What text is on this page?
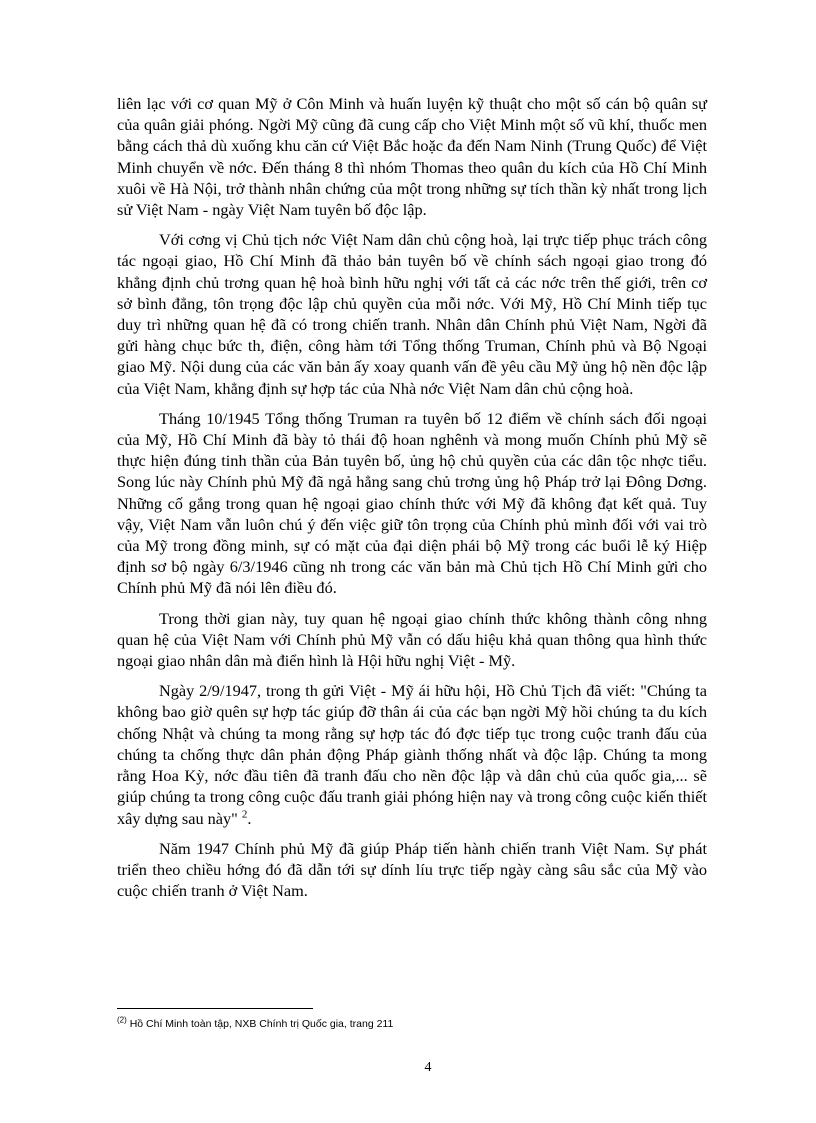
liên lạc với cơ quan Mỹ ở Côn Minh và huấn luyện kỹ thuật cho một số cán bộ quân sự của quân giải phóng. Ngời Mỹ cũng đã cung cấp cho Việt Minh một số vũ khí, thuốc men bằng cách thả dù xuống khu căn cứ Việt Bắc hoặc đa đến Nam Ninh (Trung Quốc) để Việt Minh chuyển về nớc. Đến tháng 8 thì nhóm Thomas theo quân du kích của Hồ Chí Minh xuôi về Hà Nội, trở thành nhân chứng của một trong những sự tích thần kỳ nhất trong lịch sử Việt Nam - ngày Việt Nam tuyên bố độc lập.

Với cơng vị Chủ tịch nớc Việt Nam dân chủ cộng hoà, lại trực tiếp phục trách công tác ngoại giao, Hồ Chí Minh đã thảo bản tuyên bố về chính sách ngoại giao trong đó khẳng định chủ trơng quan hệ hoà bình hữu nghị với tất cả các nớc trên thế giới, trên cơ sở bình đẳng, tôn trọng độc lập chủ quyền của mỗi nớc. Với Mỹ, Hồ Chí Minh tiếp tục duy trì những quan hệ đã có trong chiến tranh. Nhân dân Chính phủ Việt Nam, Ngời đã gửi hàng chục bức th, điện, công hàm tới Tổng thống Truman, Chính phủ và Bộ Ngoại giao Mỹ. Nội dung của các văn bản ấy xoay quanh vấn đề yêu cầu Mỹ ủng hộ nền độc lập của Việt Nam, khẳng định sự hợp tác của Nhà nớc Việt Nam dân chủ cộng hoà.

Tháng 10/1945 Tổng thống Truman ra tuyên bố 12 điểm về chính sách đối ngoại của Mỹ, Hồ Chí Minh đã bày tỏ thái độ hoan nghênh và mong muốn Chính phủ Mỹ sẽ thực hiện đúng tinh thần của Bản tuyên bố, ủng hộ chủ quyền của các dân tộc nhợc tiểu. Song lúc này Chính phủ Mỹ đã ngả hẳng sang chủ trơng ủng hộ Pháp trở lại Đông Dơng. Những cố gắng trong quan hệ ngoại giao chính thức với Mỹ đã không đạt kết quả. Tuy vậy, Việt Nam vẫn luôn chú ý đến việc giữ tôn trọng của Chính phủ mình đối với vai trò của Mỹ trong đồng minh, sự có mặt của đại diện phái bộ Mỹ trong các buổi lễ ký Hiệp định sơ bộ ngày 6/3/1946 cũng nh trong các văn bản mà Chủ tịch Hồ Chí Minh gửi cho Chính phủ Mỹ đã nói lên điều đó.

Trong thời gian này, tuy quan hệ ngoại giao chính thức không thành công nhng quan hệ của Việt Nam với Chính phủ Mỹ vẫn có dấu hiệu khả quan thông qua hình thức ngoại giao nhân dân mà điển hình là Hội hữu nghị Việt - Mỹ.

Ngày 2/9/1947, trong th gửi Việt - Mỹ ái hữu hội, Hồ Chủ Tịch đã viết: "Chúng ta không bao giờ quên sự hợp tác giúp đỡ thân ái của các bạn ngời Mỹ hồi chúng ta du kích chống Nhật và chúng ta mong rằng sự hợp tác đó đợc tiếp tục trong cuộc tranh đấu của chúng ta chống thực dân phản động Pháp giành thống nhất và độc lập. Chúng ta mong rằng Hoa Kỳ, nớc đầu tiên đã tranh đấu cho nền độc lập và dân chủ của quốc gia,... sẽ giúp chúng ta trong công cuộc đấu tranh giải phóng hiện nay và trong công cuộc kiến thiết xây dựng sau này" $^2$.

Năm 1947 Chính phủ Mỹ đã giúp Pháp tiến hành chiến tranh Việt Nam. Sự phát triển theo chiều hớng đó đã dẫn tới sự dính líu trực tiếp ngày càng sâu sắc của Mỹ vào cuộc chiến tranh ở Việt Nam.

$^{(2)}$ Hồ Chí Minh toàn tập, NXB Chính trị Quốc gia, trang 211
4
